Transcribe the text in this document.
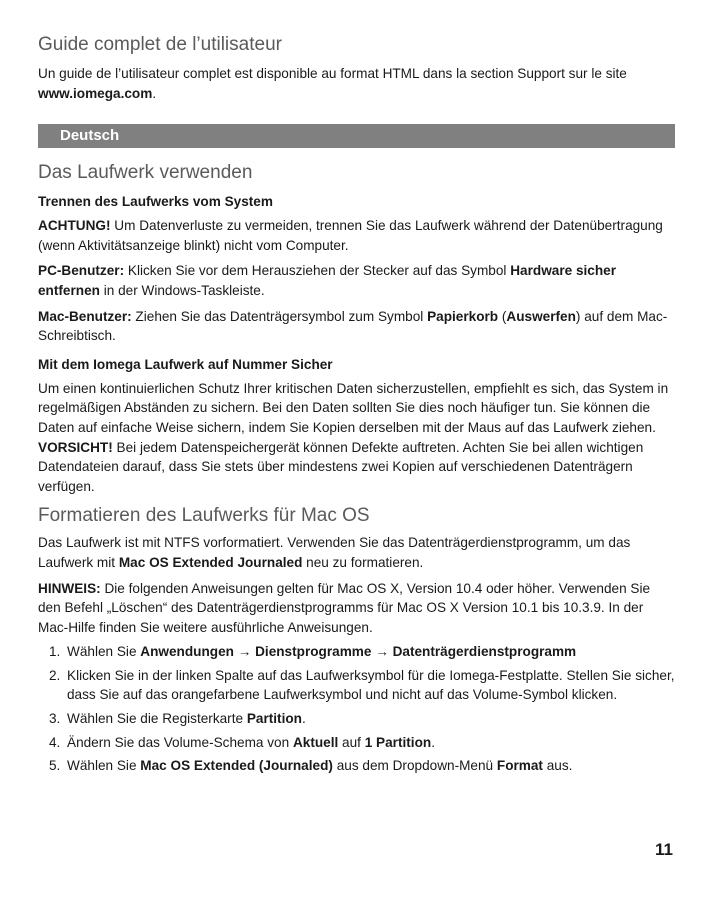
Guide complet de l’utilisateur

Un guide de l’utilisateur complet est disponible au format HTML dans la section Support sur le site www.iomega.com.

Deutsch
Das Laufwerk verwenden
Trennen des Laufwerks vom System

ACHTUNG! Um Datenverluste zu vermeiden, trennen Sie das Laufwerk während der Datenübertragung (wenn Aktivitätsanzeige blinkt) nicht vom Computer.

PC-Benutzer: Klicken Sie vor dem Herausziehen der Stecker auf das Symbol Hardware sicher entfernen in der Windows-Taskleiste.

Mac-Benutzer: Ziehen Sie das Datenträgersymbol zum Symbol Papierkorb (Auswerfen) auf dem Mac-Schreibtisch.

Mit dem Iomega Laufwerk auf Nummer Sicher

Um einen kontinuierlichen Schutz Ihrer kritischen Daten sicherzustellen, empfiehlt es sich, das System in regelmäßigen Abständen zu sichern. Bei den Daten sollten Sie dies noch häufiger tun. Sie können die Daten auf einfache Weise sichern, indem Sie Kopien derselben mit der Maus auf das Laufwerk ziehen.

VORSICHT! Bei jedem Datenspeichergerät können Defekte auftreten. Achten Sie bei allen wichtigen Datendateien darauf, dass Sie stets über mindestens zwei Kopien auf verschiedenen Datenträgern verfügen.

Formatieren des Laufwerks für Mac OS

Das Laufwerk ist mit NTFS vorformatiert. Verwenden Sie das Datenträgerdienstprogramm, um das Laufwerk mit Mac OS Extended Journaled neu zu formatieren.

HINWEIS: Die folgenden Anweisungen gelten für Mac OS X, Version 10.4 oder höher. Verwenden Sie den Befehl „Löschen“ des Datenträgerdienstprogramms für Mac OS X Version 10.1 bis 10.3.9. In der Mac-Hilfe finden Sie weitere ausführliche Anweisungen.

1. Wählen Sie Anwendungen → Dienstprogramme → Datenträgerdienstprogramm
2. Klicken Sie in der linken Spalte auf das Laufwerksymbol für die Iomega-Festplatte. Stellen Sie sicher, dass Sie auf das orangefarbene Laufwerksymbol und nicht auf das Volume-Symbol klicken.
3. Wählen Sie die Registerkarte Partition.
4. Ändern Sie das Volume-Schema von Aktuell auf 1 Partition.
5. Wählen Sie Mac OS Extended (Journaled) aus dem Dropdown-Menü Format aus.
11
